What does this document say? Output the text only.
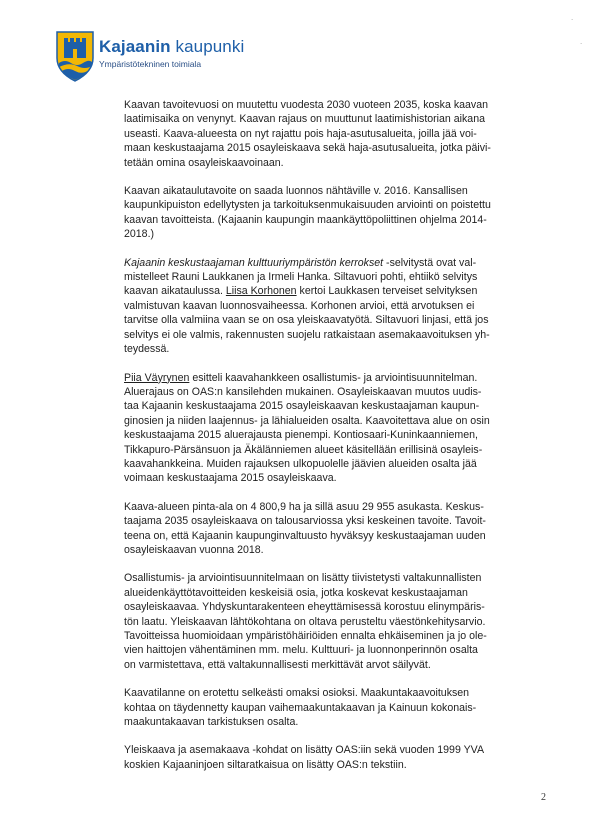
·
·
Kajaanin kaupunki
Ympäristötekninen toimiala

Kaavan tavoitevuosi on muutettu vuodesta 2030 vuoteen 2035, koska kaavan
laatimisaika on venynyt. Kaavan rajaus on muuttunut laatimishistorian aikana
useasti. Kaava-alueesta on nyt rajattu pois haja-asutusalueita, joilla jää voi-
maan keskustaajama 2015 osayleiskaava sekä haja-asutusalueita, jotka päivi-
tetään omina osayleiskaavoinaan.

Kaavan aikataulutavoite on saada luonnos nähtäville v. 2016. Kansallisen
kaupunkipuiston edellytysten ja tarkoituksenmukaisuuden arviointi on poistettu
kaavan tavoitteista. (Kajaanin kaupungin maankäyttöpoliittinen ohjelma 2014-
2018.)

Kajaanin keskustaajaman kulttuuriympäristön kerrokset -selvitystä ovat val-
mistelleet Rauni Laukkanen ja Irmeli Hanka. Siltavuori pohti, ehtiikö selvitys
kaavan aikataulussa. Liisa Korhonen kertoi Laukkasen terveiset selvityksen
valmistuvan kaavan luonnosvaiheessa. Korhonen arvioi, että arvotuksen ei
tarvitse olla valmiina vaan se on osa yleiskaavatyötä. Siltavuori linjasi, että jos
selvitys ei ole valmis, rakennusten suojelu ratkaistaan asemakaavoituksen yh-
teydessä.

Piia Väyrynen esitteli kaavahankkeen osallistumis- ja arviointisuunnitelman.
Aluerajaus on OAS:n kansilehden mukainen. Osayleiskaavan muutos uudis-
taa Kajaanin keskustaajama 2015 osayleiskaavan keskustaajaman kaupun-
ginosien ja niiden laajennus- ja lähialueiden osalta. Kaavoitettava alue on osin
keskustaajama 2015 aluerajausta pienempi. Kontiosaari-Kuninkaanniemen,
Tikkapuro-Pärsänsuon ja Äkälänniemen alueet käsitellään erillisinä osayleis-
kaavahankkeina. Muiden rajauksen ulkopuolelle jäävien alueiden osalta jää
voimaan keskustaajama 2015 osayleiskaava.

Kaava-alueen pinta-ala on 4 800,9 ha ja sillä asuu 29 955 asukasta. Keskus-
taajama 2035 osayleiskaava on talousarviossa yksi keskeinen tavoite. Tavoit-
teena on, että Kajaanin kaupunginvaltuusto hyväksyy keskustaajaman uuden
osayleiskaavan vuonna 2018.

Osallistumis- ja arviointisuunnitelmaan on lisätty tiivistetysti valtakunnallisten
alueidenkäyttötavoitteiden keskeisiä osia, jotka koskevat keskustaajaman
osayleiskaavaa. Yhdyskuntarakenteen eheyttämisessä korostuu elinympäris-
tön laatu. Yleiskaavan lähtökohtana on oltava perusteltu väestönkehitysarvio.
Tavoitteissa huomioidaan ympäristöhäiriöiden ennalta ehkäiseminen ja jo ole-
vien haittojen vähentäminen mm. melu. Kulttuuri- ja luonnonperinnön osalta
on varmistettava, että valtakunnallisesti merkittävät arvot säilyvät.

Kaavatilanne on erotettu selkeästi omaksi osioksi. Maakuntakaavoituksen
kohtaa on täydennetty kaupan vaihemaakuntakaavan ja Kainuun kokonais-
maakuntakaavan tarkistuksen osalta.

Yleiskaava ja asemakaava -kohdat on lisätty OAS:iin sekä vuoden 1999 YVA
koskien Kajaaninjoen siltaratkaisua on lisätty OAS:n tekstiin.

2
